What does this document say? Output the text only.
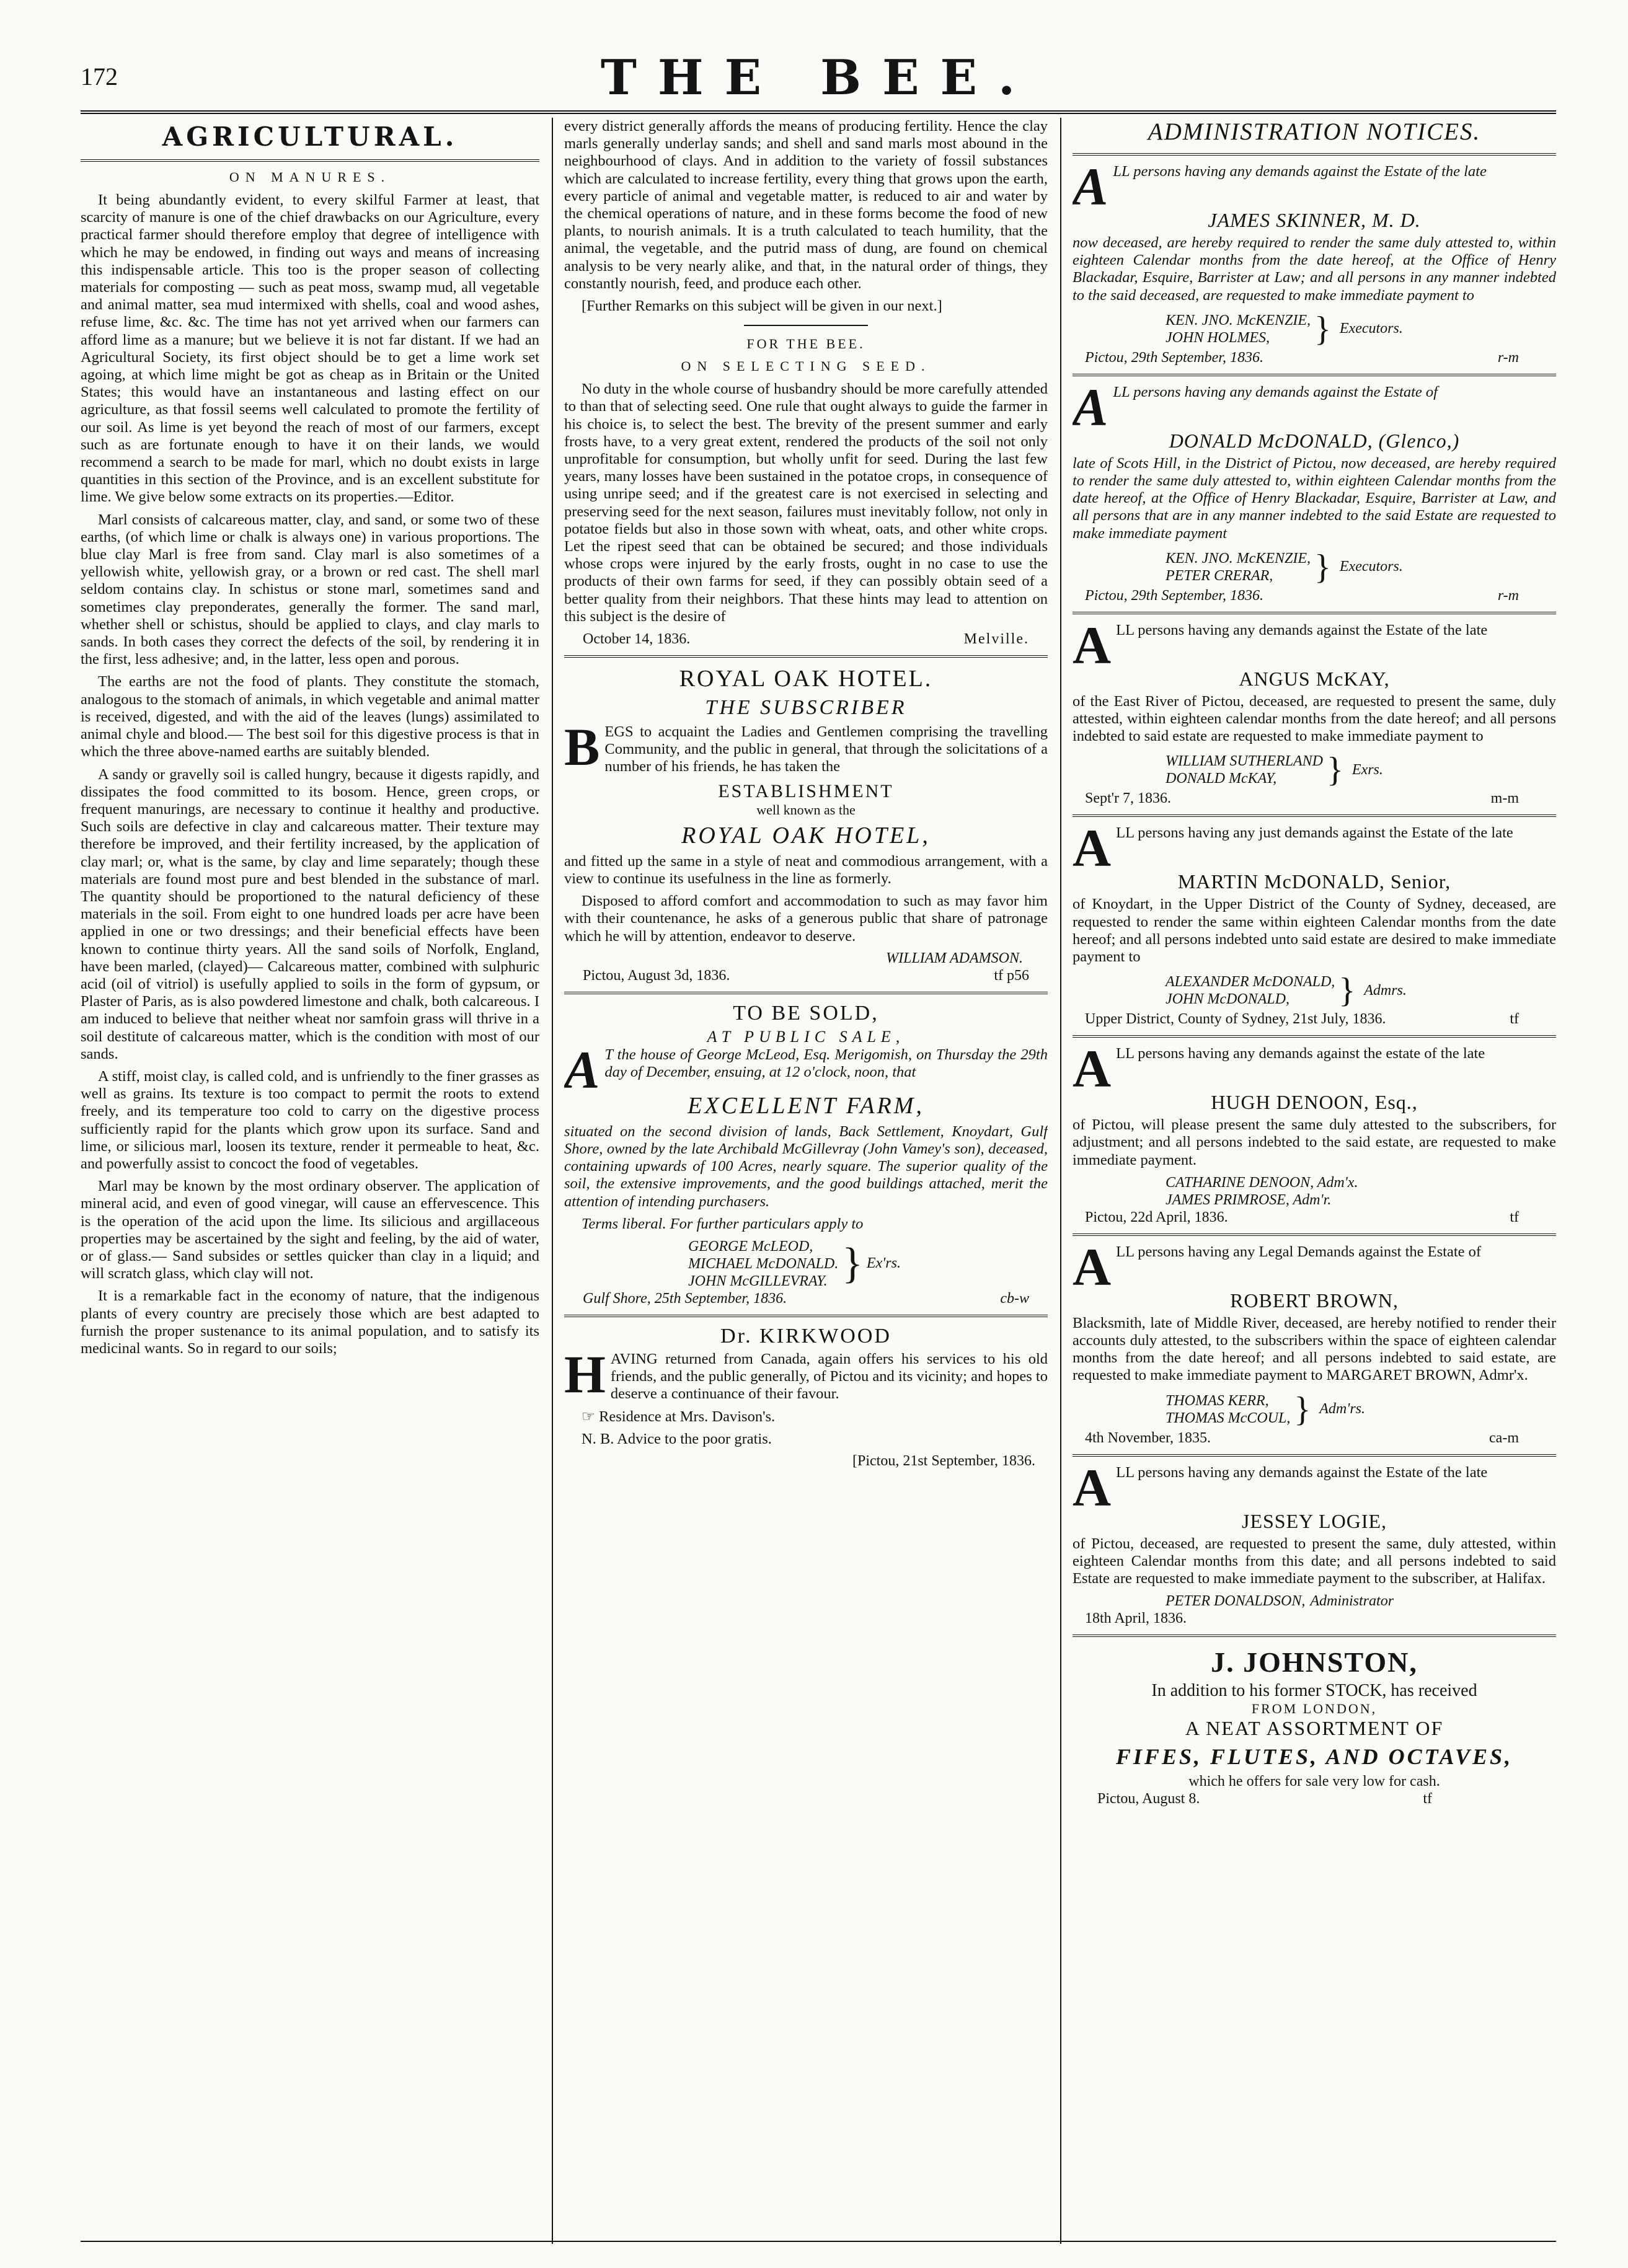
172	THE BEE.
AGRICULTURAL.
ON MANURES.

It being abundantly evident, to every skilful Farmer at least, that scarcity of manure is one of the chief drawbacks on our Agriculture, every practical farmer should therefore employ that degree of intelligence with which he may be endowed, in finding out ways and means of increasing this indispensable article. This too is the proper season of collecting materials for composting — such as peat moss, swamp mud, all vegetable and animal matter, sea mud intermixed with shells, coal and wood ashes, refuse lime, &c. &c. The time has not yet arrived when our farmers can afford lime as a manure; but we believe it is not far distant. If we had an Agricultural Society, its first object should be to get a lime work set agoing, at which lime might be got as cheap as in Britain or the United States; this would have an instantaneous and lasting effect on our agriculture, as that fossil seems well calculated to promote the fertility of our soil. As lime is yet beyond the reach of most of our farmers, except such as are fortunate enough to have it on their lands, we would recommend a search to be made for marl, which no doubt exists in large quantities in this section of the Province, and is an excellent substitute for lime. We give below some extracts on its properties.—Editor.

Marl consists of calcareous matter, clay, and sand, or some two of these earths, (of which lime or chalk is always one) in various proportions. The blue clay Marl is free from sand. Clay marl is also sometimes of a yellowish white, yellowish gray, or a brown or red cast. The shell marl seldom contains clay. In schistus or stone marl, sometimes sand and sometimes clay preponderates, generally the former. The sand marl, whether shell or schistus, should be applied to clays, and clay marls to sands. In both cases they correct the defects of the soil, by rendering it in the first, less adhesive; and, in the latter, less open and porous.

The earths are not the food of plants. They constitute the stomach, analogous to the stomach of animals, in which vegetable and animal matter is received, digested, and with the aid of the leaves (lungs) assimilated to animal chyle and blood.— The best soil for this digestive process is that in which the three above-named earths are suitably blended.

A sandy or gravelly soil is called hungry, because it digests rapidly, and dissipates the food committed to its bosom. Hence, green crops, or frequent manurings, are necessary to continue it healthy and productive. Such soils are defective in clay and calcareous matter. Their texture may therefore be improved, and their fertility increased, by the application of clay marl; or, what is the same, by clay and lime separately; though these materials are found most pure and best blended in the substance of marl. The quantity should be proportioned to the natural deficiency of these materials in the soil. From eight to one hundred loads per acre have been applied in one or two dressings; and their beneficial effects have been known to continue thirty years. All the sand soils of Norfolk, England, have been marled, (clayed)— Calcareous matter, combined with sulphuric acid (oil of vitriol) is usefully applied to soils in the form of gypsum, or Plaster of Paris, as is also powdered limestone and chalk, both calcareous. I am induced to believe that neither wheat nor samfoin grass will thrive in a soil destitute of calcareous matter, which is the condition with most of our sands.

A stiff, moist clay, is called cold, and is unfriendly to the finer grasses as well as grains. Its texture is too compact to permit the roots to extend freely, and its temperature too cold to carry on the digestive process sufficiently rapid for the plants which grow upon its surface. Sand and lime, or silicious marl, loosen its texture, render it permeable to heat, &c. and powerfully assist to concoct the food of vegetables.

Marl may be known by the most ordinary observer. The application of mineral acid, and even of good vinegar, will cause an effervescence. This is the operation of the acid upon the lime. Its silicious and argillaceous properties may be ascertained by the sight and feeling, by the aid of water, or of glass.— Sand subsides or settles quicker than clay in a liquid; and will scratch glass, which clay will not.

It is a remarkable fact in the economy of nature, that the indigenous plants of every country are precisely those which are best adapted to furnish the proper sustenance to its animal population, and to satisfy its medicinal wants. So in regard to our soils;

every district generally affords the means of producing fertility. Hence the clay marls generally underlay sands; and shell and sand marls most abound in the neighbourhood of clays. And in addition to the variety of fossil substances which are calculated to increase fertility, every thing that grows upon the earth, every particle of animal and vegetable matter, is reduced to air and water by the chemical operations of nature, and in these forms become the food of new plants, to nourish animals. It is a truth calculated to teach humility, that the animal, the vegetable, and the putrid mass of dung, are found on chemical analysis to be very nearly alike, and that, in the natural order of things, they constantly nourish, feed, and produce each other.

[Further Remarks on this subject will be given in our next.]

FOR THE BEE.
ON SELECTING SEED.

No duty in the whole course of husbandry should be more carefully attended to than that of selecting seed. One rule that ought always to guide the farmer in his choice is, to select the best. The brevity of the present summer and early frosts have, to a very great extent, rendered the products of the soil not only unprofitable for consumption, but wholly unfit for seed. During the last few years, many losses have been sustained in the potatoe crops, in consequence of using unripe seed; and if the greatest care is not exercised in selecting and preserving seed for the next season, failures must inevitably follow, not only in potatoe fields but also in those sown with wheat, oats, and other white crops. Let the ripest seed that can be obtained be secured; and those individuals whose crops were injured by the early frosts, ought in no case to use the products of their own farms for seed, if they can possibly obtain seed of a better quality from their neighbors. That these hints may lead to attention on this subject is the desire of

October 14, 1836.	Melville.
ROYAL OAK HOTEL.
THE SUBSCRIBER

BEGS to acquaint the Ladies and Gentlemen comprising the travelling Community, and the public in general, that through the solicitations of a number of his friends, he has taken the

ESTABLISHMENT
well known as the
ROYAL OAK HOTEL,

and fitted up the same in a style of neat and commodious arrangement, with a view to continue its usefulness in the line as formerly.

Disposed to afford comfort and accommodation to such as may favor him with their countenance, he asks of a generous public that share of patronage which he will by attention, endeavor to deserve.

WILLIAM ADAMSON.
Pictou, August 3d, 1836.	tf p56
TO BE SOLD,
AT PUBLIC SALE,

A T the house of George McLeod, Esq. Merigomish, on Thursday the 29th day of December, ensuing, at 12 o'clock, noon, that

EXCELLENT FARM,

situated on the second division of lands, Back Settlement, Knoydart, Gulf Shore, owned by the late Archibald McGillevray (John Vamey's son), deceased, containing upwards of 100 Acres, nearly square. The superior quality of the soil, the extensive improvements, and the good buildings attached, merit the attention of intending purchasers.

Terms liberal. For further particulars apply to

GEORGE McLEOD,
MICHAEL McDONALD.
JOHN McGILLEVRAY. } Ex'rs.
Gulf Shore, 25th September, 1836.	cb-w
Dr. KIRKWOOD

HAVING returned from Canada, again offers his services to his old friends, and the public generally, of Pictou and its vicinity; and hopes to deserve a continuance of their favour.

☞ Residence at Mrs. Davison's.

N. B. Advice to the poor gratis.

[Pictou, 21st September, 1836.
ADMINISTRATION NOTICES.

ALL persons having any demands against the Estate of the late

JAMES SKINNER, M. D.

now deceased, are hereby required to render the same duly attested to, within eighteen Calendar months from the date hereof, at the Office of Henry Blackadar, Esquire, Barrister at Law; and all persons in any manner indebted to the said deceased, are requested to make immediate payment to

KEN. JNO. McKENZIE,
JOHN HOLMES,	} Executors.
Pictou, 29th September, 1836.	r-m

ALL persons having any demands against the Estate of

DONALD McDONALD, (Glenco,)

late of Scots Hill, in the District of Pictou, now deceased, are hereby required to render the same duly attested to, within eighteen Calendar months from the date hereof, at the Office of Henry Blackadar, Esquire, Barrister at Law, and all persons that are in any manner indebted to the said Estate are requested to make immediate payment

KEN. JNO. McKENZIE,
PETER CRERAR,	} Executors.
Pictou, 29th September, 1836.	r-m

ALL persons having any demands against the Estate of the late

ANGUS McKAY,

of the East River of Pictou, deceased, are requested to present the same, duly attested, within eighteen calendar months from the date hereof; and all persons indebted to said estate are requested to make immediate payment to

WILLIAM SUTHERLAND
DONALD McKAY,	} Exrs.
Sept'r 7, 1836.	m-m

ALL persons having any just demands against the Estate of the late

MARTIN McDONALD, Senior,

of Knoydart, in the Upper District of the County of Sydney, deceased, are requested to render the same within eighteen Calendar months from the date hereof; and all persons indebted unto said estate are desired to make immediate payment to

ALEXANDER McDONALD,
JOHN McDONALD,	} Admrs.
Upper District, County of Sydney, 21st July, 1836.	tf

ALL persons having any demands against the estate of the late

HUGH DENOON, Esq.,

of Pictou, will please present the same duly attested to the subscribers, for adjustment; and all persons indebted to the said estate, are requested to make immediate payment.

CATHARINE DENOON, Adm'x.
JAMES PRIMROSE, Adm'r.
Pictou, 22d April, 1836.	tf

ALL persons having any Legal Demands against the Estate of

ROBERT BROWN,

Blacksmith, late of Middle River, deceased, are hereby notified to render their accounts duly attested, to the subscribers within the space of eighteen calendar months from the date hereof; and all persons indebted to said estate, are requested to make immediate payment to MARGARET BROWN, Admr'x.

THOMAS KERR,
THOMAS McCOUL, } Adm'rs.
4th November, 1835.	ca-m

ALL persons having any demands against the Estate of the late

JESSEY LOGIE,

of Pictou, deceased, are requested to present the same, duly attested, within eighteen Calendar months from this date; and all persons indebted to said Estate are requested to make immediate payment to the subscriber, at Halifax.

PETER DONALDSON, Administrator
18th April, 1836.
J. JOHNSTON,
In addition to his former STOCK, has received
FROM LONDON,
A NEAT ASSORTMENT OF
FIFES, FLUTES, AND OCTAVES,
which he offers for sale very low for cash.
Pictou, August 8.	tf
